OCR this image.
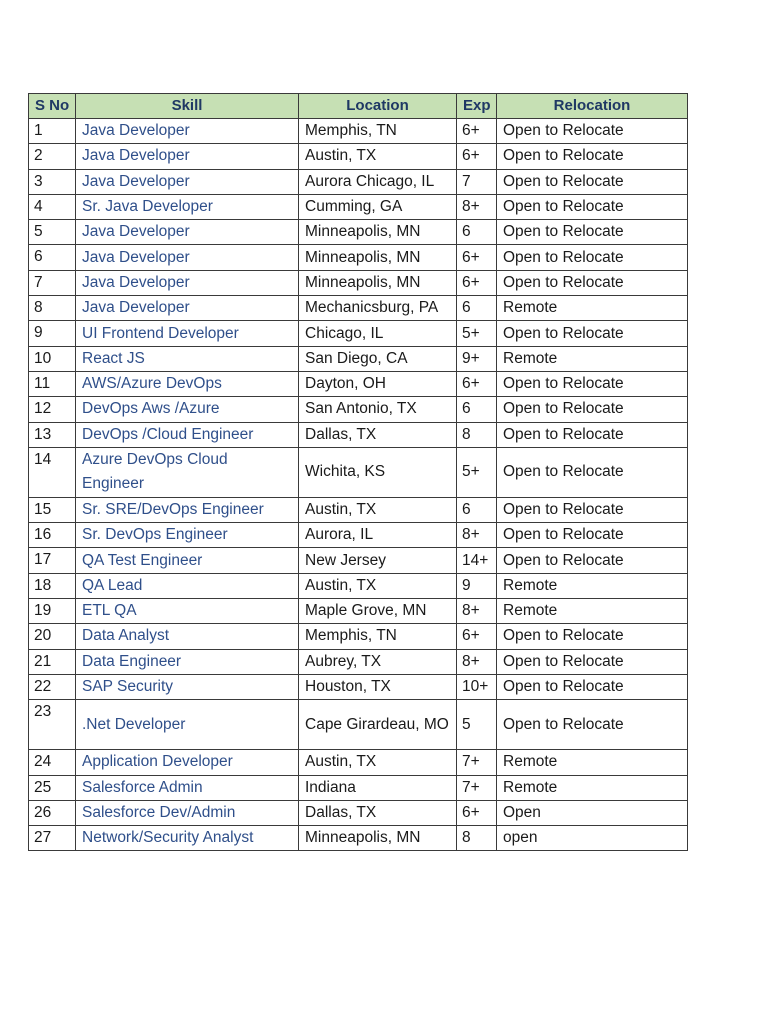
S No	Skill	Location	Exp	Relocation
1	Java Developer	Memphis, TN	6+	Open to Relocate
2	Java Developer	Austin, TX	6+	Open to Relocate
3	Java Developer	Aurora Chicago, IL	7	Open to Relocate
4	Sr. Java Developer	Cumming, GA	8+	Open to Relocate
5	Java Developer	Minneapolis, MN	6	Open to Relocate
6	Java Developer	Minneapolis, MN	6+	Open to Relocate
7	Java Developer	Minneapolis, MN	6+	Open to Relocate
8	Java Developer	Mechanicsburg, PA	6	Remote
9	UI Frontend Developer	Chicago, IL	5+	Open to Relocate
10	React JS	San Diego, CA	9+	Remote
11	AWS/Azure DevOps	Dayton, OH	6+	Open to Relocate
12	DevOps Aws /Azure	San Antonio, TX	6	Open to Relocate
13	DevOps /Cloud Engineer	Dallas, TX	8	Open to Relocate
14	Azure DevOps Cloud Engineer	Wichita, KS	5+	Open to Relocate
15	Sr. SRE/DevOps Engineer	Austin, TX	6	Open to Relocate
16	Sr. DevOps Engineer	Aurora, IL	8+	Open to Relocate
17	QA Test Engineer	New Jersey	14+	Open to Relocate
18	QA Lead	Austin, TX	9	Remote
19	ETL QA	Maple Grove, MN	8+	Remote
20	Data Analyst	Memphis, TN	6+	Open to Relocate
21	Data Engineer	Aubrey, TX	8+	Open to Relocate
22	SAP Security	Houston, TX	10+	Open to Relocate
23	.Net Developer	Cape Girardeau, MO	5	Open to Relocate
24	Application Developer	Austin, TX	7+	Remote
25	Salesforce Admin	Indiana	7+	Remote
26	Salesforce Dev/Admin	Dallas, TX	6+	Open
27	Network/Security Analyst	Minneapolis, MN	8	open
